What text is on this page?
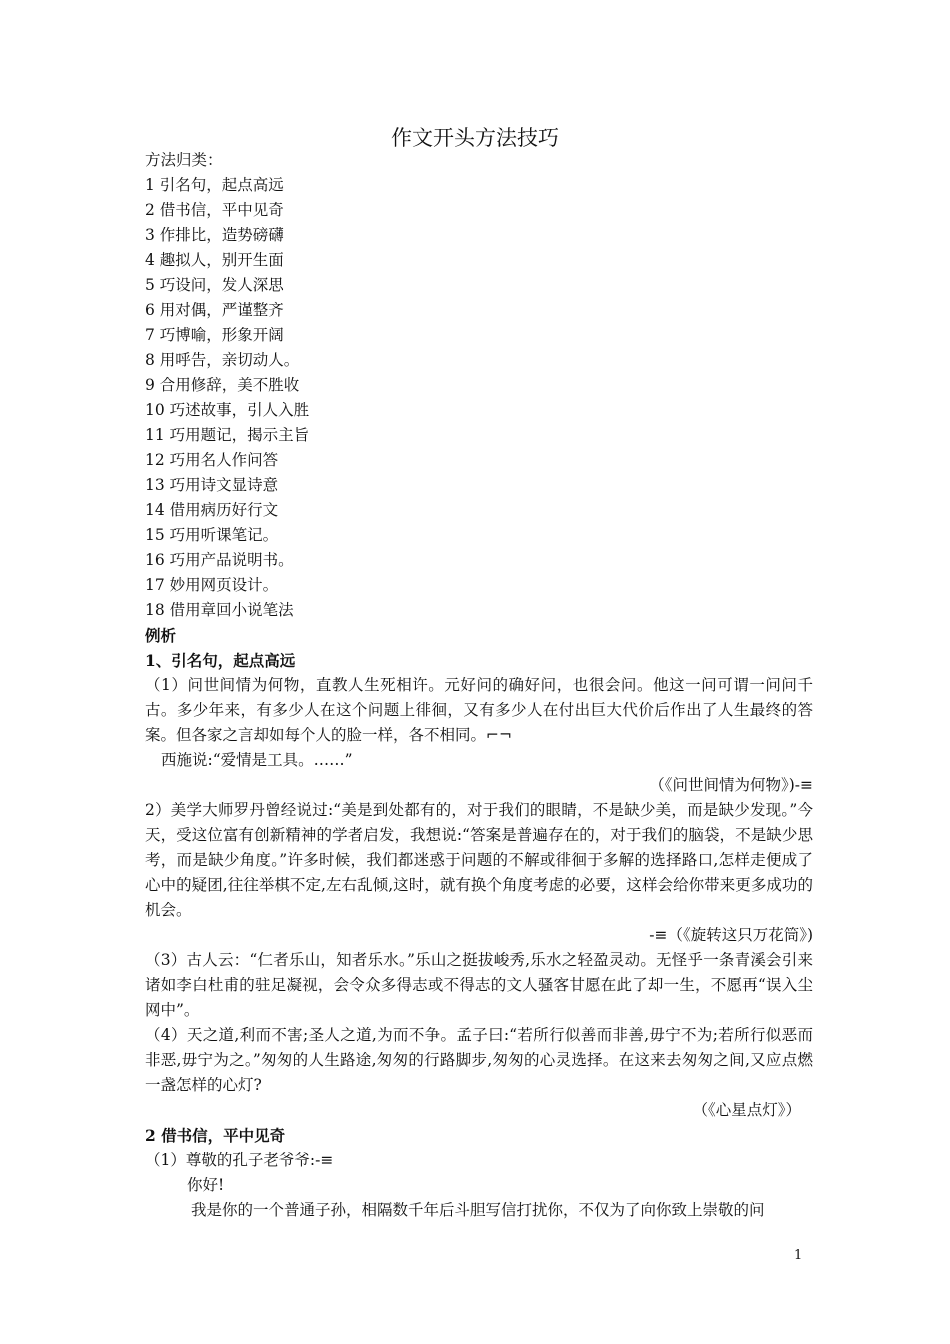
作文开头方法技巧
方法归类：
1 引名句，起点高远
2 借书信，平中见奇
3 作排比，造势磅礴
4 趣拟人，别开生面
5 巧设问，发人深思
6 用对偶，严谨整齐
7 巧博喻，形象开阔
8 用呼告，亲切动人。
9 合用修辞，美不胜收
10 巧述故事，引人入胜
11 巧用题记，揭示主旨
12 巧用名人作问答
13 巧用诗文显诗意
14 借用病历好行文
15 巧用听课笔记。
16 巧用产品说明书。
17 妙用网页设计。
18 借用章回小说笔法
例析
1、引名句，起点高远
（1）问世间情为何物，直教人生死相许。元好问的确好问，也很会问。他这一问可谓一问问千古。多少年来，有多少人在这个问题上徘徊，又有多少人在付出巨大代价后作出了人生最终的答案。但各家之言却如每个人的脸一样，各不相同。⌐¬
西施说:“爱情是工具。……”
（《问世间情为何物》)-≡
2）美学大师罗丹曾经说过:“美是到处都有的，对于我们的眼睛，不是缺少美，而是缺少发现。”今天，受这位富有创新精神的学者启发，我想说:“答案是普遍存在的，对于我们的脑袋，不是缺少思考，而是缺少角度。”许多时候，我们都迷惑于问题的不解或徘徊于多解的选择路口,怎样走便成了心中的疑团,往往举棋不定,左右乱倾,这时，就有换个角度考虑的必要，这样会给你带来更多成功的机会。
-≡（《旋转这只万花筒》)
（3）古人云：“仁者乐山，知者乐水。”乐山之挺拔峻秀,乐水之轻盈灵动。无怪乎一条青溪会引来诸如李白杜甫的驻足凝视，会令众多得志或不得志的文人骚客甘愿在此了却一生，不愿再“误入尘网中”。
（4）天之道,利而不害;圣人之道,为而不争。孟子曰:“若所行似善而非善,毋宁不为;若所行似恶而非恶,毋宁为之。”匆匆的人生路途,匆匆的行路脚步,匆匆的心灵选择。在这来去匆匆之间,又应点燃一盏怎样的心灯?
（《心星点灯》）
2 借书信，平中见奇
（1）尊敬的孔子老爷爷:-≡
你好!
我是你的一个普通子孙，相隔数千年后斗胆写信打扰你，不仅为了向你致上崇敬的问
1
